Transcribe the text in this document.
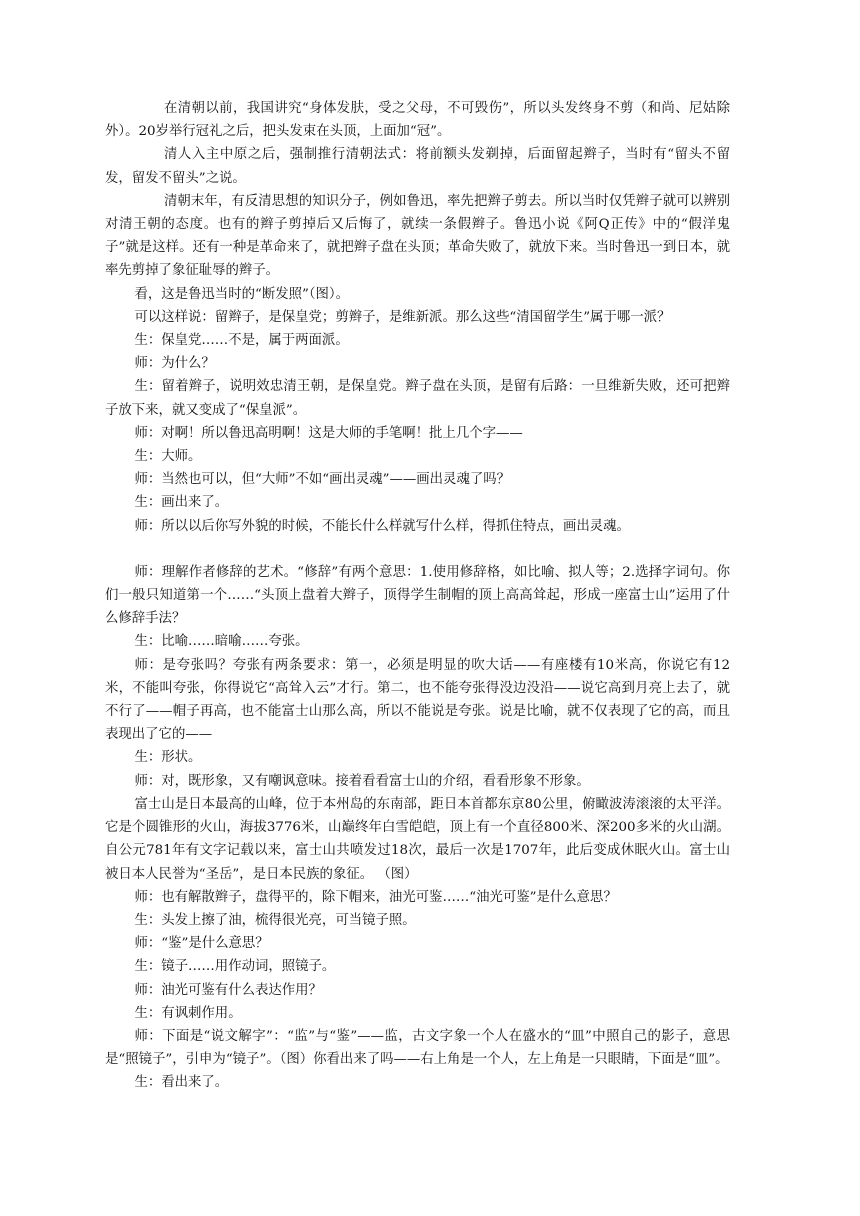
在清朝以前，我国讲究“身体发肤，受之父母，不可毁伤”，所以头发终身不剪（和尚、尼姑除外）。20岁举行冠礼之后，把头发束在头顶，上面加“冠”。

清人入主中原之后，强制推行清朝法式：将前额头发剃掉，后面留起辫子，当时有“留头不留发，留发不留头”之说。

清朝末年，有反清思想的知识分子，例如鲁迅，率先把辫子剪去。所以当时仅凭辫子就可以辨别对清王朝的态度。也有的辫子剪掉后又后悔了，就续一条假辫子。鲁迅小说《阿Q正传》中的“假洋鬼子”就是这样。还有一种是革命来了，就把辫子盘在头顶；革命失败了，就放下来。当时鲁迅一到日本，就率先剪掉了象征耻辱的辫子。

看，这是鲁迅当时的“断发照”（图）。

可以这样说：留辫子，是保皇党；剪辫子，是维新派。那么这些“清国留学生”属于哪一派？

生：保皇党……不是，属于两面派。

师：为什么？

生：留着辫子，说明效忠清王朝，是保皇党。辫子盘在头顶，是留有后路：一旦维新失败，还可把辫子放下来，就又变成了“保皇派”。

师：对啊！所以鲁迅高明啊！这是大师的手笔啊！批上几个字——

生：大师。

师：当然也可以，但“大师”不如“画出灵魂”——画出灵魂了吗？

生：画出来了。

师：所以以后你写外貌的时候，不能长什么样就写什么样，得抓住特点，画出灵魂。

师：理解作者修辞的艺术。“修辞”有两个意思：1.使用修辞格，如比喻、拟人等；2.选择字词句。你们一般只知道第一个……“头顶上盘着大辫子，顶得学生制帽的顶上高高耸起，形成一座富士山”运用了什么修辞手法？

生：比喻……暗喻……夸张。

师：是夸张吗？夸张有两条要求：第一，必须是明显的吹大话——有座楼有10米高，你说它有12米，不能叫夸张，你得说它“高耸入云”才行。第二，也不能夸张得没边没沿——说它高到月亮上去了，就不行了——帽子再高，也不能富士山那么高，所以不能说是夸张。说是比喻，就不仅表现了它的高，而且表现出了它的——

生：形状。

师：对，既形象，又有嘲讽意味。接着看看富士山的介绍，看看形象不形象。

富士山是日本最高的山峰，位于本州岛的东南部，距日本首都东京80公里，俯瞰波涛滚滚的太平洋。它是个圆锥形的火山，海拔3776米，山巅终年白雪皑皑，顶上有一个直径800米、深200多米的火山湖。自公元781年有文字记载以来，富士山共喷发过18次，最后一次是1707年，此后变成休眠火山。富士山被日本人民誉为“圣岳”，是日本民族的象征。 （图）

师：也有解散辫子，盘得平的，除下帽来，油光可鉴……“油光可鉴”是什么意思？

生：头发上擦了油，梳得很光亮，可当镜子照。

师：“鉴”是什么意思？

生：镜子……用作动词，照镜子。

师：油光可鉴有什么表达作用？

生：有讽刺作用。

师：下面是“说文解字”：“监”与“鉴”——监，古文字象一个人在盛水的“皿”中照自己的影子，意思是“照镜子”，引申为“镜子”。（图）你看出来了吗——右上角是一个人，左上角是一只眼睛，下面是“皿”。

生：看出来了。
